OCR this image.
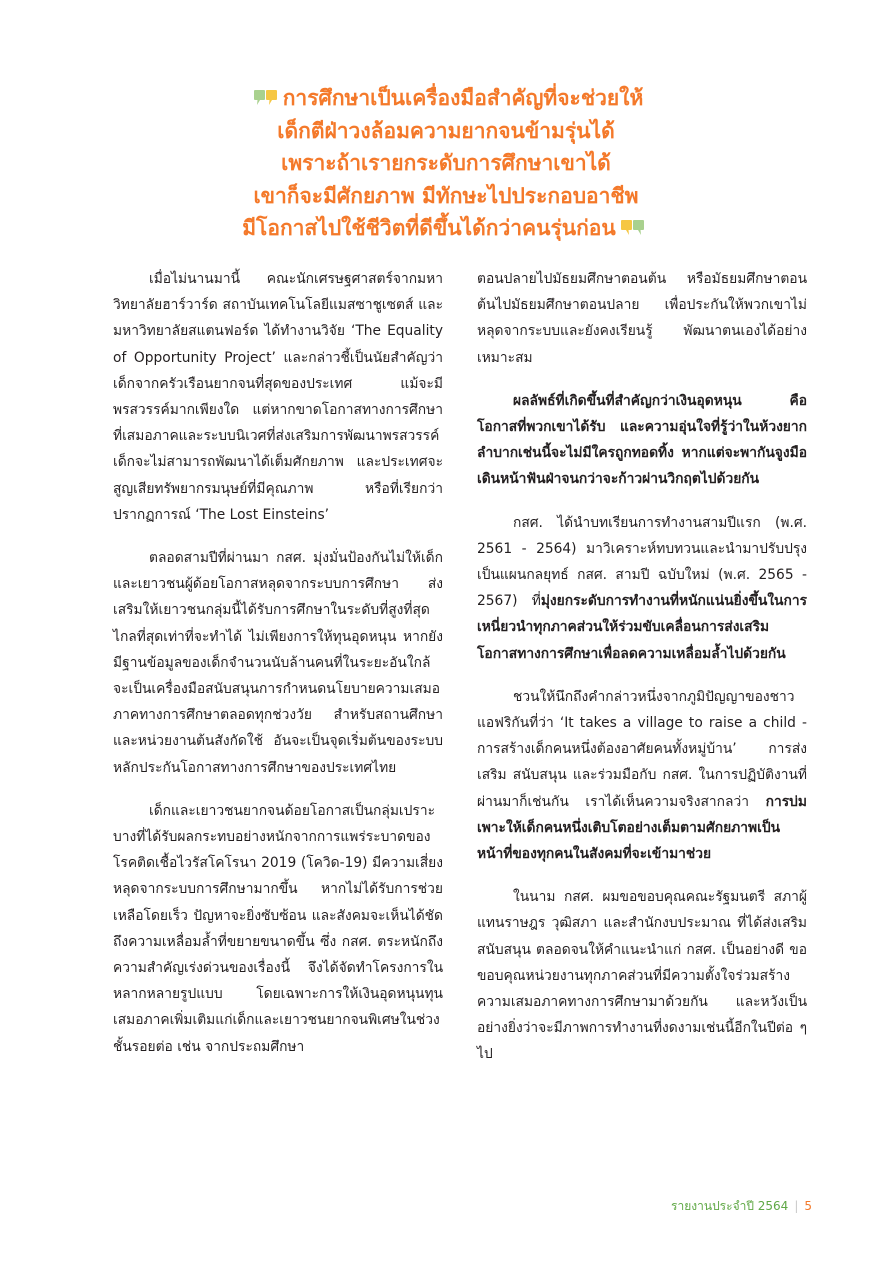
การศึกษาเป็นเครื่องมือสำคัญที่จะช่วยให้
เด็กตีฝ่าวงล้อมความยากจนข้ามรุ่นได้
เพราะถ้าเรายกระดับการศึกษาเขาได้
เขาก็จะมีศักยภาพ มีทักษะไปประกอบอาชีพ
มีโอกาสไปใช้ชีวิตที่ดีขึ้นได้กว่าคนรุ่นก่อน

เมื่อไม่นานมานี้ คณะนักเศรษฐศาสตร์จากมหาวิทยาลัยฮาร์วาร์ด สถาบันเทคโนโลยีแมสซาชูเซตส์ และมหาวิทยาลัยสแตนฟอร์ด ได้ทำงานวิจัย ‘The Equality of Opportunity Project’ และกล่าวชี้เป็นนัยสำคัญว่า เด็กจากครัวเรือนยากจนที่สุดของประเทศ แม้จะมีพรสวรรค์มากเพียงใด แต่หากขาดโอกาสทางการศึกษาที่เสมอภาคและระบบนิเวศที่ส่งเสริมการพัฒนาพรสวรรค์ เด็กจะไม่สามารถพัฒนาได้เต็มศักยภาพ และประเทศจะสูญเสียทรัพยากรมนุษย์ที่มีคุณภาพ หรือที่เรียกว่าปรากฏการณ์ ‘The Lost Einsteins’

ตลอดสามปีที่ผ่านมา กสศ. มุ่งมั่นป้องกันไม่ให้เด็กและเยาวชนผู้ด้อยโอกาสหลุดจากระบบการศึกษา ส่งเสริมให้เยาวชนกลุ่มนี้ได้รับการศึกษาในระดับที่สูงที่สุด ไกลที่สุดเท่าที่จะทำได้ ไม่เพียงการให้ทุนอุดหนุน หากยังมีฐานข้อมูลของเด็กจำนวนนับล้านคนที่ในระยะอันใกล้จะเป็นเครื่องมือสนับสนุนการกำหนดนโยบายความเสมอภาคทางการศึกษาตลอดทุกช่วงวัย สำหรับสถานศึกษาและหน่วยงานต้นสังกัดใช้ อันจะเป็นจุดเริ่มต้นของระบบหลักประกันโอกาสทางการศึกษาของประเทศไทย

เด็กและเยาวชนยากจนด้อยโอกาสเป็นกลุ่มเปราะบางที่ได้รับผลกระทบอย่างหนักจากการแพร่ระบาดของโรคติดเชื้อไวรัสโคโรนา 2019 (โควิด-19) มีความเสี่ยงหลุดจากระบบการศึกษามากขึ้น หากไม่ได้รับการช่วยเหลือโดยเร็ว ปัญหาจะยิ่งซับซ้อน และสังคมจะเห็นได้ชัดถึงความเหลื่อมล้ำที่ขยายขนาดขึ้น ซึ่ง กสศ. ตระหนักถึงความสำคัญเร่งด่วนของเรื่องนี้ จึงได้จัดทำโครงการในหลากหลายรูปแบบ โดยเฉพาะการให้เงินอุดหนุนทุนเสมอภาคเพิ่มเติมแก่เด็กและเยาวชนยากจนพิเศษในช่วงชั้นรอยต่อ เช่น จากประถมศึกษา

ตอนปลายไปมัธยมศึกษาตอนต้น หรือมัธยมศึกษาตอนต้นไปมัธยมศึกษาตอนปลาย เพื่อประกันให้พวกเขาไม่หลุดจากระบบและยังคงเรียนรู้ พัฒนาตนเองได้อย่างเหมาะสม

ผลลัพธ์ที่เกิดขึ้นที่สำคัญกว่าเงินอุดหนุน คือ โอกาสที่พวกเขาได้รับ และความอุ่นใจที่รู้ว่าในห้วงยากลำบากเช่นนี้จะไม่มีใครถูกทอดทิ้ง หากแต่จะพากันจูงมือเดินหน้าฟันฝ่าจนกว่าจะก้าวผ่านวิกฤตไปด้วยกัน

กสศ. ได้นำบทเรียนการทำงานสามปีแรก (พ.ศ. 2561 - 2564) มาวิเคราะห์ทบทวนและนำมาปรับปรุงเป็นแผนกลยุทธ์ กสศ. สามปี ฉบับใหม่ (พ.ศ. 2565 - 2567) ที่มุ่งยกระดับการทำงานที่หนักแน่นยิ่งขึ้นในการเหนี่ยวนำทุกภาคส่วนให้ร่วมขับเคลื่อนการส่งเสริมโอกาสทางการศึกษาเพื่อลดความเหลื่อมล้ำไปด้วยกัน

ชวนให้นึกถึงคำกล่าวหนึ่งจากภูมิปัญญาของชาวแอฟริกันที่ว่า ‘It takes a village to raise a child - การสร้างเด็กคนหนึ่งต้องอาศัยคนทั้งหมู่บ้าน’ การส่งเสริม สนับสนุน และร่วมมือกับ กสศ. ในการปฏิบัติงานที่ผ่านมาก็เช่นกัน เราได้เห็นความจริงสากลว่า การบ่มเพาะให้เด็กคนหนึ่งเติบโตอย่างเต็มตามศักยภาพเป็นหน้าที่ของทุกคนในสังคมที่จะเข้ามาช่วย

ในนาม กสศ. ผมขอขอบคุณคณะรัฐมนตรี สภาผู้แทนราษฎร วุฒิสภา และสำนักงบประมาณ ที่ได้ส่งเสริม สนับสนุน ตลอดจนให้คำแนะนำแก่ กสศ. เป็นอย่างดี ขอขอบคุณหน่วยงานทุกภาคส่วนที่มีความตั้งใจร่วมสร้างความเสมอภาคทางการศึกษามาด้วยกัน และหวังเป็นอย่างยิ่งว่าจะมีภาพการทำงานที่งดงามเช่นนี้อีกในปีต่อ ๆ ไป

รายงานประจำปี 2564 | 5
